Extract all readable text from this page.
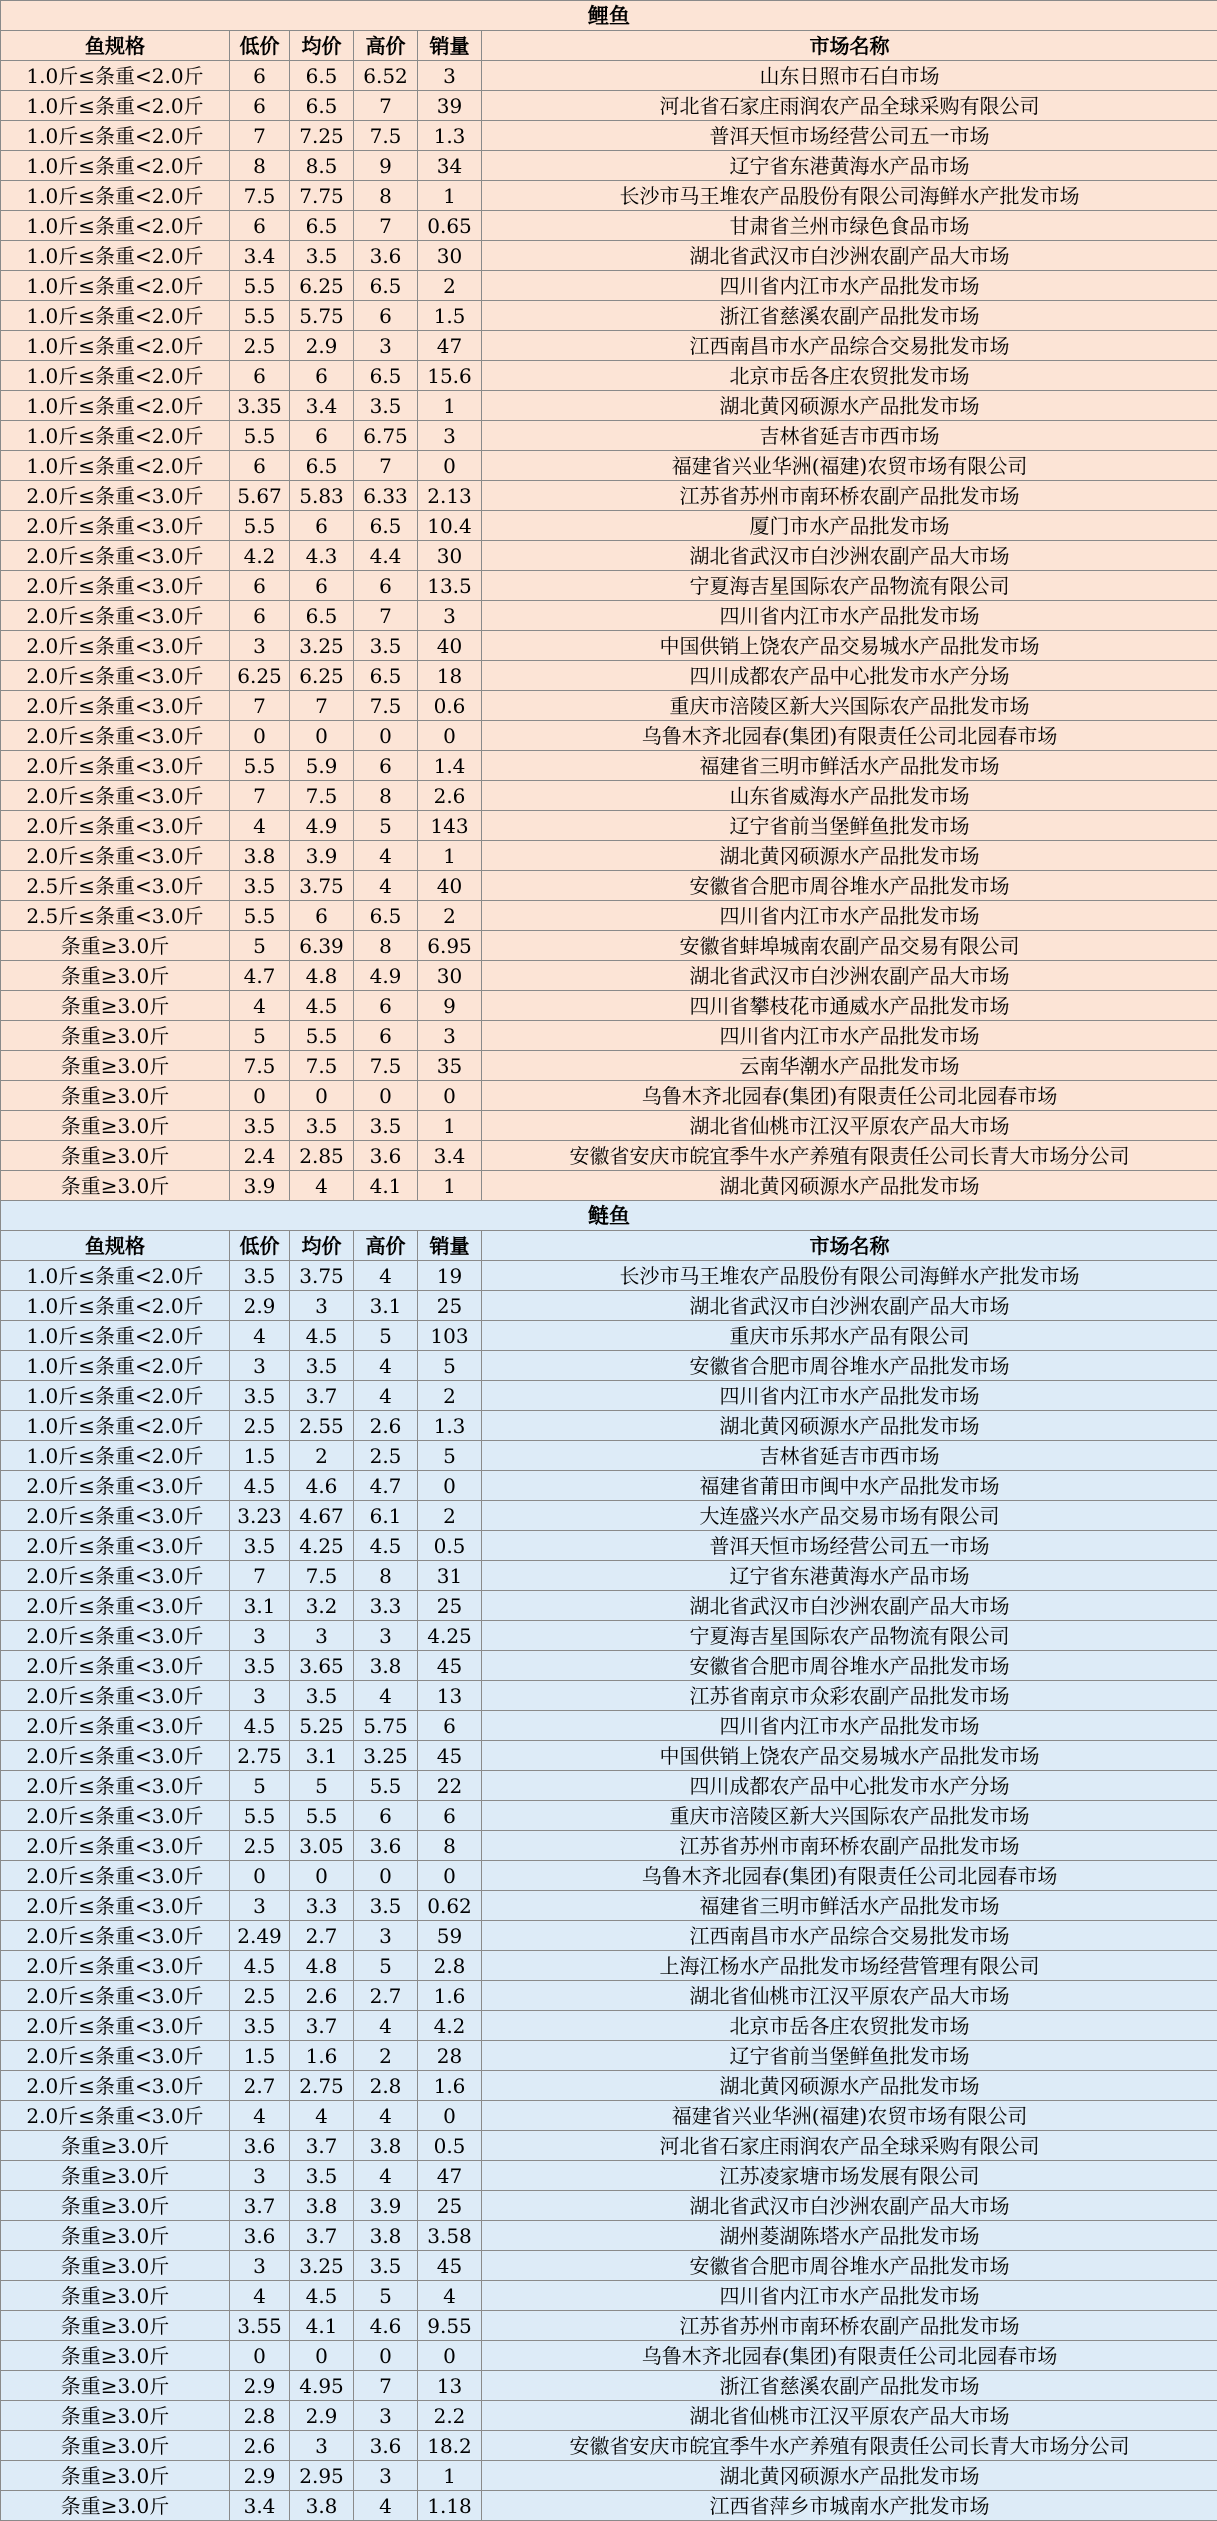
鲤鱼					
鱼规格	低价	均价	高价	销量	市场名称
1.0斤≤条重<2.0斤	6	6.5	6.52	3	山东日照市石白市场
1.0斤≤条重<2.0斤	6	6.5	7	39	河北省石家庄雨润农产品全球采购有限公司
1.0斤≤条重<2.0斤	7	7.25	7.5	1.3	普洱天恒市场经营公司五一市场
1.0斤≤条重<2.0斤	8	8.5	9	34	辽宁省东港黄海水产品市场
1.0斤≤条重<2.0斤	7.5	7.75	8	1	长沙市马王堆农产品股份有限公司海鲜水产批发市场
1.0斤≤条重<2.0斤	6	6.5	7	0.65	甘肃省兰州市绿色食品市场
1.0斤≤条重<2.0斤	3.4	3.5	3.6	30	湖北省武汉市白沙洲农副产品大市场
1.0斤≤条重<2.0斤	5.5	6.25	6.5	2	四川省内江市水产品批发市场
1.0斤≤条重<2.0斤	5.5	5.75	6	1.5	浙江省慈溪农副产品批发市场
1.0斤≤条重<2.0斤	2.5	2.9	3	47	江西南昌市水产品综合交易批发市场
1.0斤≤条重<2.0斤	6	6	6.5	15.6	北京市岳各庄农贸批发市场
1.0斤≤条重<2.0斤	3.35	3.4	3.5	1	湖北黄冈硕源水产品批发市场
1.0斤≤条重<2.0斤	5.5	6	6.75	3	吉林省延吉市西市场
1.0斤≤条重<2.0斤	6	6.5	7	0	福建省兴业华洲(福建)农贸市场有限公司
2.0斤≤条重<3.0斤	5.67	5.83	6.33	2.13	江苏省苏州市南环桥农副产品批发市场
2.0斤≤条重<3.0斤	5.5	6	6.5	10.4	厦门市水产品批发市场
2.0斤≤条重<3.0斤	4.2	4.3	4.4	30	湖北省武汉市白沙洲农副产品大市场
2.0斤≤条重<3.0斤	6	6	6	13.5	宁夏海吉星国际农产品物流有限公司
2.0斤≤条重<3.0斤	6	6.5	7	3	四川省内江市水产品批发市场
2.0斤≤条重<3.0斤	3	3.25	3.5	40	中国供销上饶农产品交易城水产品批发市场
2.0斤≤条重<3.0斤	6.25	6.25	6.5	18	四川成都农产品中心批发市水产分场
2.0斤≤条重<3.0斤	7	7	7.5	0.6	重庆市涪陵区新大兴国际农产品批发市场
2.0斤≤条重<3.0斤	0	0	0	0	乌鲁木齐北园春(集团)有限责任公司北园春市场
2.0斤≤条重<3.0斤	5.5	5.9	6	1.4	福建省三明市鲜活水产品批发市场
2.0斤≤条重<3.0斤	7	7.5	8	2.6	山东省威海水产品批发市场
2.0斤≤条重<3.0斤	4	4.9	5	143	辽宁省前当堡鲜鱼批发市场
2.0斤≤条重<3.0斤	3.8	3.9	4	1	湖北黄冈硕源水产品批发市场
2.5斤≤条重<3.0斤	3.5	3.75	4	40	安徽省合肥市周谷堆水产品批发市场
2.5斤≤条重<3.0斤	5.5	6	6.5	2	四川省内江市水产品批发市场
条重≥3.0斤	5	6.39	8	6.95	安徽省蚌埠城南农副产品交易有限公司
条重≥3.0斤	4.7	4.8	4.9	30	湖北省武汉市白沙洲农副产品大市场
条重≥3.0斤	4	4.5	6	9	四川省攀枝花市通威水产品批发市场
条重≥3.0斤	5	5.5	6	3	四川省内江市水产品批发市场
条重≥3.0斤	7.5	7.5	7.5	35	云南华潮水产品批发市场
条重≥3.0斤	0	0	0	0	乌鲁木齐北园春(集团)有限责任公司北园春市场
条重≥3.0斤	3.5	3.5	3.5	1	湖北省仙桃市江汉平原农产品大市场
条重≥3.0斤	2.4	2.85	3.6	3.4	安徽省安庆市皖宜季牛水产养殖有限责任公司长青大市场分公司
条重≥3.0斤	3.9	4	4.1	1	湖北黄冈硕源水产品批发市场
鲢鱼					
鱼规格	低价	均价	高价	销量	市场名称
1.0斤≤条重<2.0斤	3.5	3.75	4	19	长沙市马王堆农产品股份有限公司海鲜水产批发市场
1.0斤≤条重<2.0斤	2.9	3	3.1	25	湖北省武汉市白沙洲农副产品大市场
1.0斤≤条重<2.0斤	4	4.5	5	103	重庆市乐邦水产品有限公司
1.0斤≤条重<2.0斤	3	3.5	4	5	安徽省合肥市周谷堆水产品批发市场
1.0斤≤条重<2.0斤	3.5	3.7	4	2	四川省内江市水产品批发市场
1.0斤≤条重<2.0斤	2.5	2.55	2.6	1.3	湖北黄冈硕源水产品批发市场
1.0斤≤条重<2.0斤	1.5	2	2.5	5	吉林省延吉市西市场
2.0斤≤条重<3.0斤	4.5	4.6	4.7	0	福建省莆田市闽中水产品批发市场
2.0斤≤条重<3.0斤	3.23	4.67	6.1	2	大连盛兴水产品交易市场有限公司
2.0斤≤条重<3.0斤	3.5	4.25	4.5	0.5	普洱天恒市场经营公司五一市场
2.0斤≤条重<3.0斤	7	7.5	8	31	辽宁省东港黄海水产品市场
2.0斤≤条重<3.0斤	3.1	3.2	3.3	25	湖北省武汉市白沙洲农副产品大市场
2.0斤≤条重<3.0斤	3	3	3	4.25	宁夏海吉星国际农产品物流有限公司
2.0斤≤条重<3.0斤	3.5	3.65	3.8	45	安徽省合肥市周谷堆水产品批发市场
2.0斤≤条重<3.0斤	3	3.5	4	13	江苏省南京市众彩农副产品批发市场
2.0斤≤条重<3.0斤	4.5	5.25	5.75	6	四川省内江市水产品批发市场
2.0斤≤条重<3.0斤	2.75	3.1	3.25	45	中国供销上饶农产品交易城水产品批发市场
2.0斤≤条重<3.0斤	5	5	5.5	22	四川成都农产品中心批发市水产分场
2.0斤≤条重<3.0斤	5.5	5.5	6	6	重庆市涪陵区新大兴国际农产品批发市场
2.0斤≤条重<3.0斤	2.5	3.05	3.6	8	江苏省苏州市南环桥农副产品批发市场
2.0斤≤条重<3.0斤	0	0	0	0	乌鲁木齐北园春(集团)有限责任公司北园春市场
2.0斤≤条重<3.0斤	3	3.3	3.5	0.62	福建省三明市鲜活水产品批发市场
2.0斤≤条重<3.0斤	2.49	2.7	3	59	江西南昌市水产品综合交易批发市场
2.0斤≤条重<3.0斤	4.5	4.8	5	2.8	上海江杨水产品批发市场经营管理有限公司
2.0斤≤条重<3.0斤	2.5	2.6	2.7	1.6	湖北省仙桃市江汉平原农产品大市场
2.0斤≤条重<3.0斤	3.5	3.7	4	4.2	北京市岳各庄农贸批发市场
2.0斤≤条重<3.0斤	1.5	1.6	2	28	辽宁省前当堡鲜鱼批发市场
2.0斤≤条重<3.0斤	2.7	2.75	2.8	1.6	湖北黄冈硕源水产品批发市场
2.0斤≤条重<3.0斤	4	4	4	0	福建省兴业华洲(福建)农贸市场有限公司
条重≥3.0斤	3.6	3.7	3.8	0.5	河北省石家庄雨润农产品全球采购有限公司
条重≥3.0斤	3	3.5	4	47	江苏凌家塘市场发展有限公司
条重≥3.0斤	3.7	3.8	3.9	25	湖北省武汉市白沙洲农副产品大市场
条重≥3.0斤	3.6	3.7	3.8	3.58	湖州菱湖陈塔水产品批发市场
条重≥3.0斤	3	3.25	3.5	45	安徽省合肥市周谷堆水产品批发市场
条重≥3.0斤	4	4.5	5	4	四川省内江市水产品批发市场
条重≥3.0斤	3.55	4.1	4.6	9.55	江苏省苏州市南环桥农副产品批发市场
条重≥3.0斤	0	0	0	0	乌鲁木齐北园春(集团)有限责任公司北园春市场
条重≥3.0斤	2.9	4.95	7	13	浙江省慈溪农副产品批发市场
条重≥3.0斤	2.8	2.9	3	2.2	湖北省仙桃市江汉平原农产品大市场
条重≥3.0斤	2.6	3	3.6	18.2	安徽省安庆市皖宜季牛水产养殖有限责任公司长青大市场分公司
条重≥3.0斤	2.9	2.95	3	1	湖北黄冈硕源水产品批发市场
条重≥3.0斤	3.4	3.8	4	1.18	江西省萍乡市城南水产批发市场
